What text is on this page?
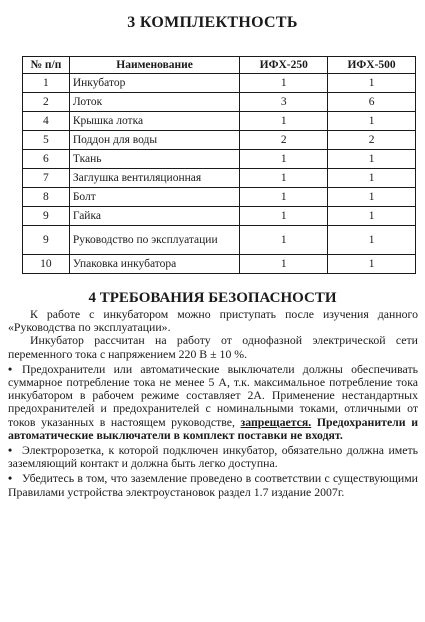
3 КОМПЛЕКТНОСТЬ
№ п/п	Наименование	ИФХ-250	ИФХ-500
1	Инкубатор	1	1
2	Лоток	3	6
4	Крышка лотка	1	1
5	Поддон для воды	2	2
6	Ткань	1	1
7	Заглушка вентиляционная	1	1
8	Болт	1	1
9	Гайка	1	1
9	Руководство по эксплуатации	1	1
10	Упаковка инкубатора	1	1
4 ТРЕБОВАНИЯ БЕЗОПАСНОСТИ

К работе с инкубатором можно приступать после изучения данного «Руководства по эксплуатации».

Инкубатор рассчитан на работу от однофазной электрической сети переменного тока с напряжением 220 В ± 10 %.

• Предохранители или автоматические выключатели должны обеспечивать суммарное потребление тока не менее 5 А, т.к. максимальное потребление тока инкубатором в рабочем режиме составляет 2А. Применение нестандартных предохранителей и предохранителей с номинальными токами, отличными от токов указанных в настоящем руководстве, запрещается. Предохранители и автоматические выключатели в комплект поставки не входят.

• Электророзетка, к которой подключен инкубатор, обязательно должна иметь заземляющий контакт и должна быть легко доступна.

• Убедитесь в том, что заземление проведено в соответствии с существующими Правилами устройства электроустановок раздел 1.7 издание 2007г.
